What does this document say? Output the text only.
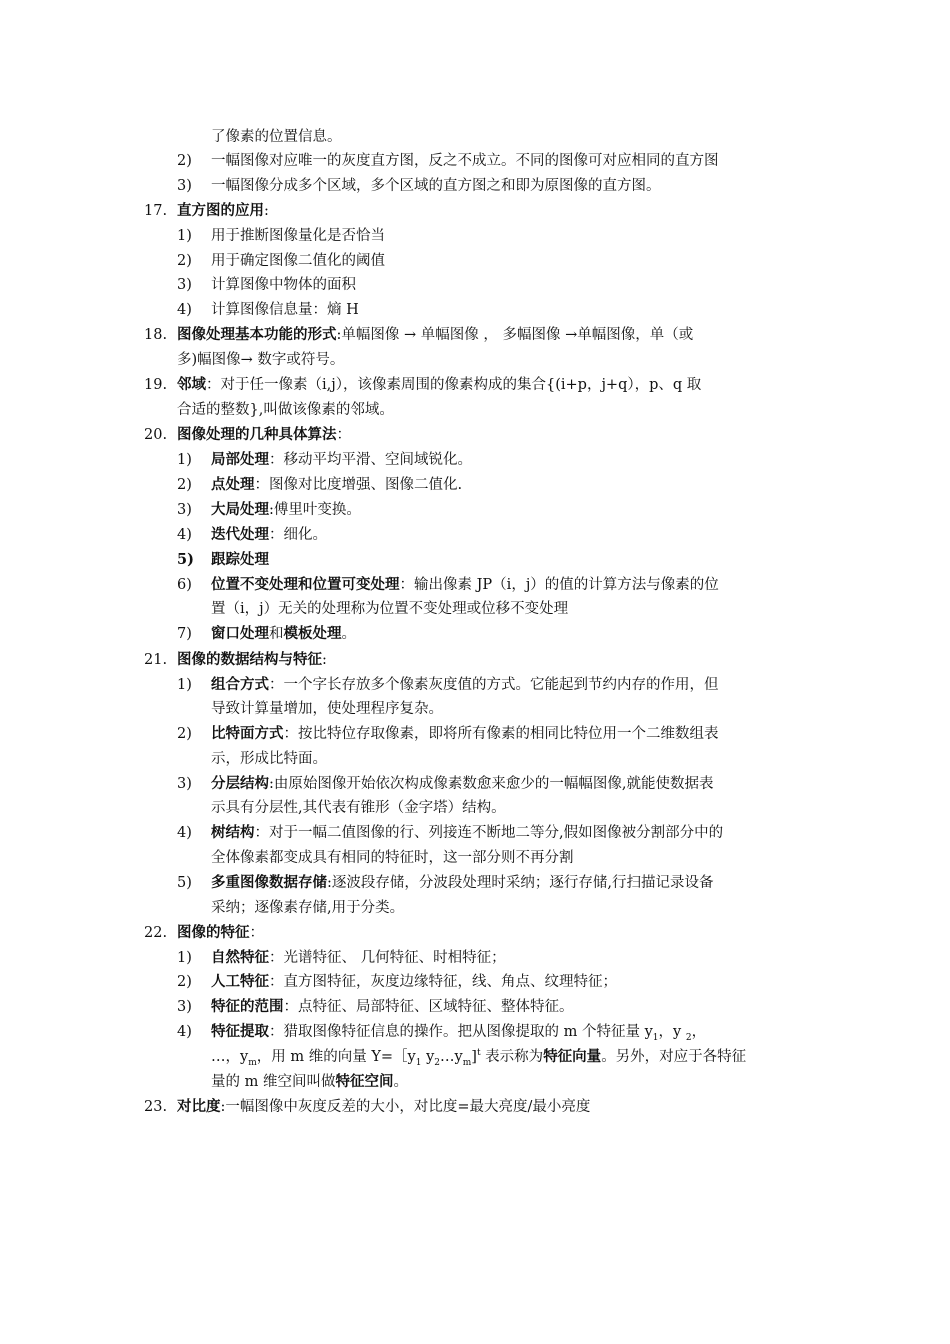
了像素的位置信息。
2) 一幅图像对应唯一的灰度直方图，反之不成立。不同的图像可对应相同的直方图
3) 一幅图像分成多个区域，多个区域的直方图之和即为原图像的直方图。
17. 直方图的应用:
1) 用于推断图像量化是否恰当
2) 用于确定图像二值化的阈值
3) 计算图像中物体的面积
4) 计算图像信息量：熵 H
18. 图像处理基本功能的形式:单幅图像 → 单幅图像 ， 多幅图像 →单幅图像，单（或
多)幅图像→ 数字或符号。
19. 邻域：对于任一像素（i,j），该像素周围的像素构成的集合{(i+p，j+q），p、q 取
合适的整数},叫做该像素的邻域。
20. 图像处理的几种具体算法：
1) 局部处理：移动平均平滑、空间域锐化。
2) 点处理：图像对比度增强、图像二值化.
3) 大局处理:傅里叶变换。
4) 迭代处理：细化。
5) 跟踪处理
6) 位置不变处理和位置可变处理：输出像素 JP（i，j）的值的计算方法与像素的位
置（i，j）无关的处理称为位置不变处理或位移不变处理
7) 窗口处理和模板处理。
21. 图像的数据结构与特征:
1) 组合方式：一个字长存放多个像素灰度值的方式。它能起到节约内存的作用，但
导致计算量增加，使处理程序复杂。
2) 比特面方式：按比特位存取像素，即将所有像素的相同比特位用一个二维数组表
示，形成比特面。
3) 分层结构:由原始图像开始依次构成像素数愈来愈少的一幅幅图像,就能使数据表
示具有分层性,其代表有锥形（金字塔）结构。
4) 树结构：对于一幅二值图像的行、列接连不断地二等分,假如图像被分割部分中的
全体像素都变成具有相同的特征时，这一部分则不再分割
5) 多重图像数据存储:逐波段存储，分波段处理时采纳；逐行存储,行扫描记录设备
采纳；逐像素存储,用于分类。
22. 图像的特征：
1) 自然特征：光谱特征、 几何特征、时相特征；
2) 人工特征：直方图特征，灰度边缘特征，线、角点、纹理特征；
3) 特征的范围：点特征、局部特征、区域特征、整体特征。
4) 特征提取：猎取图像特征信息的操作。把从图像提取的 m 个特征量 $y_1$，y $_2$，
…，$y_m$，用 m 维的向量 $Y=[y_1$ $y_2\dots y_m]^t$ 表示称为特征向量。另外，对应于各特征
量的 m 维空间叫做特征空间。
23. 对比度:一幅图像中灰度反差的大小，对比度=最大亮度/最小亮度
